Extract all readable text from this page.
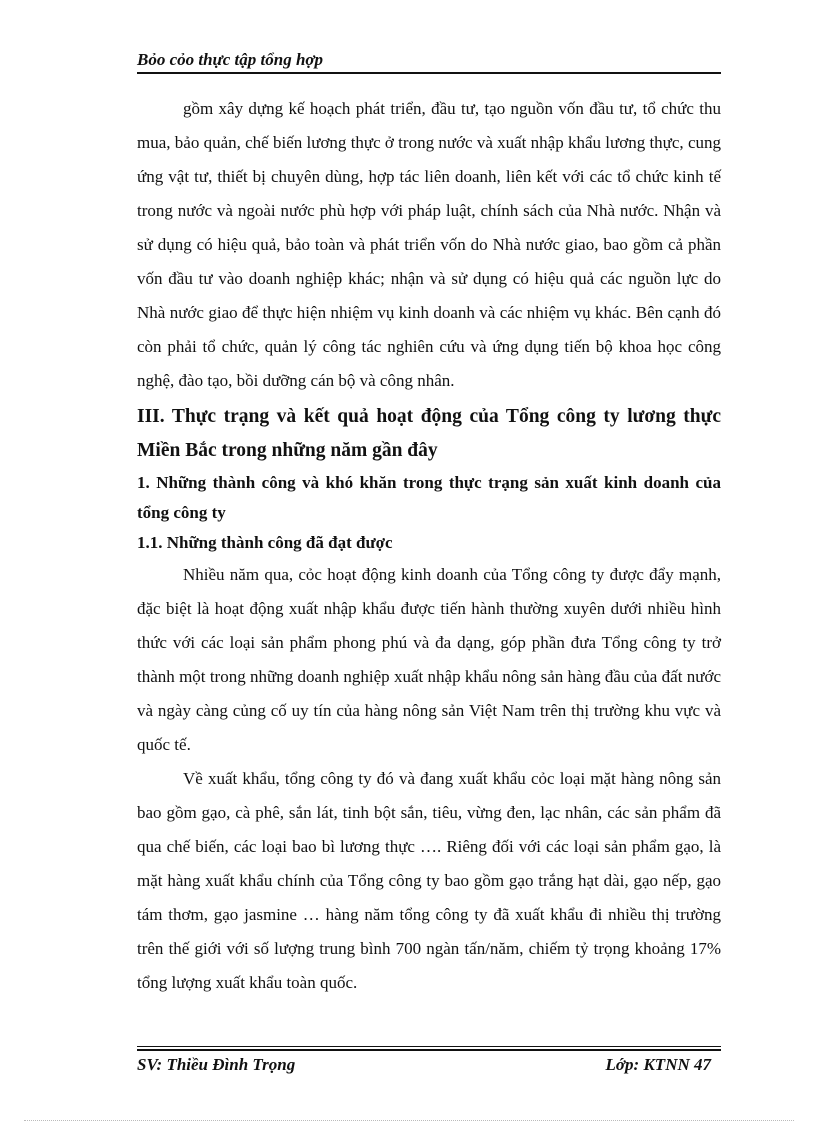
Bỏo cỏo thực tập tổng hợp

gồm xây dựng kế hoạch phát triển, đầu tư, tạo nguồn vốn đầu tư, tổ chức thu mua, bảo quản, chế biến lương thực ở trong nước và xuất nhập khẩu lương thực, cung ứng vật tư, thiết bị chuyên dùng, hợp tác liên doanh, liên kết với các tổ chức kinh tế trong nước và ngoài nước phù hợp với pháp luật, chính sách của Nhà nước. Nhận và sử dụng có hiệu quả, bảo toàn và phát triển vốn do Nhà nước giao, bao gồm cả phần vốn đầu tư vào doanh nghiệp khác; nhận và sử dụng có hiệu quả các nguồn lực do Nhà nước giao để thực hiện nhiệm vụ kinh doanh và các nhiệm vụ khác. Bên cạnh đó còn phải tổ chức, quản lý công tác nghiên cứu và ứng dụng tiến bộ khoa học công nghệ, đào tạo, bồi dưỡng cán bộ và công nhân.

III. Thực trạng và kết quả hoạt động của Tổng công ty lương thực Miền Bắc trong những năm gần đây
1. Những thành công và khó khăn trong thực trạng sản xuất kinh doanh của tổng công ty
1.1. Những thành công đã đạt được

Nhiều năm qua, cỏc hoạt động kinh doanh của Tổng công ty được đẩy mạnh, đặc biệt là hoạt động xuất nhập khẩu được tiến hành thường xuyên dưới nhiều hình thức với các loại sản phẩm phong phú và đa dạng, góp phần đưa Tổng công ty trở thành một trong những doanh nghiệp xuất nhập khẩu nông sản hàng đầu của đất nước và ngày càng củng cố uy tín của hàng nông sản Việt Nam trên thị trường khu vực và quốc tế.

Về xuất khẩu, tổng công ty đó và đang xuất khẩu cỏc loại mặt hàng nông sản bao gồm gạo, cà phê, sắn lát, tinh bột sắn, tiêu, vừng đen, lạc nhân, các sản phẩm đã qua chế biến, các loại bao bì lương thực …. Riêng đối với các loại sản phẩm gạo, là mặt hàng xuất khẩu chính của Tổng công ty bao gồm gạo trắng hạt dài, gạo nếp, gạo tám thơm, gạo jasmine … hàng năm tổng công ty đã xuất khẩu đi nhiều thị trường trên thế giới với số lượng trung bình 700 ngàn tấn/năm, chiếm tỷ trọng khoảng 17% tổng lượng xuất khẩu toàn quốc.

SV: Thiều Đình Trọng	Lớp: KTNN 47
